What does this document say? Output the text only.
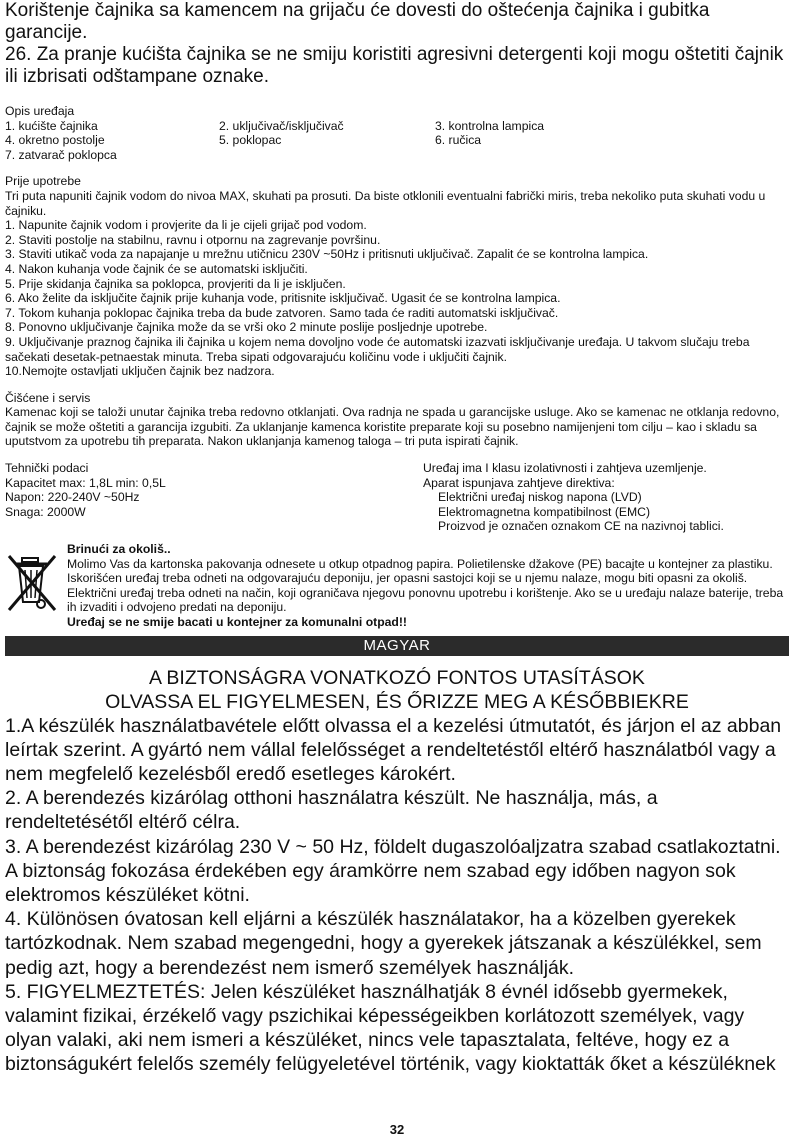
Korištenje čajnika sa kamencem na grijaču će dovesti do oštećenja čajnika i gubitka garancije.

26. Za pranje kućišta čajnika se ne smiju koristiti agresivni detergenti koji mogu oštetiti čajnik ili izbrisati odštampane oznake.

Opis uređaja

1. kućište čajnika	2. uključivač/isključivač	3. kontrolna lampica
4. okretno postolje	5. poklopac	6. ručica
7. zatvarač poklopca

Prije upotrebe

Tri puta napuniti čajnik vodom do nivoa MAX, skuhati pa prosuti. Da biste otklonili eventualni fabrički miris, treba nekoliko puta skuhati vodu u čajniku.

1. Napunite čajnik vodom i provjerite da li je cijeli grijač pod vodom.

2. Staviti postolje na stabilnu, ravnu i otpornu na zagrevanje površinu.

3. Staviti utikač voda za napajanje u mrežnu utičnicu 230V ~50Hz i pritisnuti uključivač. Zapalit će se kontrolna lampica.

4. Nakon kuhanja vode čajnik će se automatski isključiti.

5. Prije skidanja čajnika sa poklopca, provjeriti da li je isključen.

6. Ako želite da isključite čajnik prije kuhanja vode, pritisnite isključivač. Ugasit će se kontrolna lampica.

7. Tokom kuhanja poklopac čajnika treba da bude zatvoren. Samo tada će raditi automatski isključivač.

8. Ponovno uključivanje čajnika može da se vrši oko 2 minute poslije posljednje upotrebe.

9. Uključivanje praznog čajnika ili čajnika u kojem nema dovoljno vode će automatski izazvati isključivanje uređaja. U takvom slučaju treba sačekati desetak-petnaestak minuta. Treba sipati odgovarajuću količinu vode i uključiti čajnik.

10.Nemojte ostavljati uključen čajnik bez nadzora.

Čišćene i servis

Kamenac koji se taloži unutar čajnika treba redovno otklanjati. Ova radnja ne spada u garancijske usluge. Ako se kamenac ne otklanja redovno, čajnik se može oštetiti a garancija izgubiti. Za uklanjanje kamenca koristite preparate koji su posebno namijenjeni tom cilju – kao i skladu sa uputstvom za upotrebu tih preparata. Nakon uklanjanja kamenog taloga – tri puta ispirati čajnik.

Tehnički podaci

Kapacitet max: 1,8L min: 0,5L

Napon: 220-240V ~50Hz

Snaga: 2000W

Uređaj ima I klasu izolativnosti i zahtjeva uzemljenje.

Aparat ispunjava zahtjeve direktiva:

Električni uređaj niskog napona (LVD)

Elektromagnetna kompatibilnost (EMC)

Proizvod je označen oznakom CE na nazivnoj tablici.

Brinući za okoliš..

Molimo Vas da kartonska pakovanja odnesete u otkup otpadnog papira. Polietilenske džakove (PE) bacajte u kontejner za plastiku. Iskorišćen uređaj treba odneti na odgovarajuću deponiju, jer opasni sastojci koji se u njemu nalaze, mogu biti opasni za okoliš. Električni uređaj treba odneti na način, koji ograničava njegovu ponovnu upotrebu i korištenje. Ako se u uređaju nalaze baterije, treba ih izvaditi i odvojeno predati na deponiju.

Uređaj se ne smije bacati u kontejner za komunalni otpad!!

MAGYAR

A BIZTONSÁGRA VONATKOZÓ FONTOS UTASÍTÁSOK

OLVASSA EL FIGYELMESEN, ÉS ŐRIZZE MEG A KÉSŐBBIEKRE

1.A készülék használatbavétele előtt olvassa el a kezelési útmutatót, és járjon el az abban leírtak szerint. A gyártó nem vállal felelősséget a rendeltetéstől eltérő használatból vagy a nem megfelelő kezelésből eredő esetleges károkért.

2. A berendezés kizárólag otthoni használatra készült. Ne használja, más, a rendeltetésétől eltérő célra.

3. A berendezést kizárólag 230 V ~ 50 Hz, földelt dugaszolóaljzatra szabad csatlakoztatni. A biztonság fokozása érdekében egy áramkörre nem szabad egy időben nagyon sok elektromos készüléket kötni.

4. Különösen óvatosan kell eljárni a készülék használatakor, ha a közelben gyerekek tartózkodnak. Nem szabad megengedni, hogy a gyerekek játszanak a készülékkel, sem pedig azt, hogy a berendezést nem ismerő személyek használják.

5. FIGYELMEZTETÉS: Jelen készüléket használhatják 8 évnél idősebb gyermekek, valamint fizikai, érzékelő vagy pszichikai képességeikben korlátozott személyek, vagy olyan valaki, aki nem ismeri a készüléket, nincs vele tapasztalata, feltéve, hogy ez a biztonságukért felelős személy felügyeletével történik, vagy kioktatták őket a készüléknek

32
